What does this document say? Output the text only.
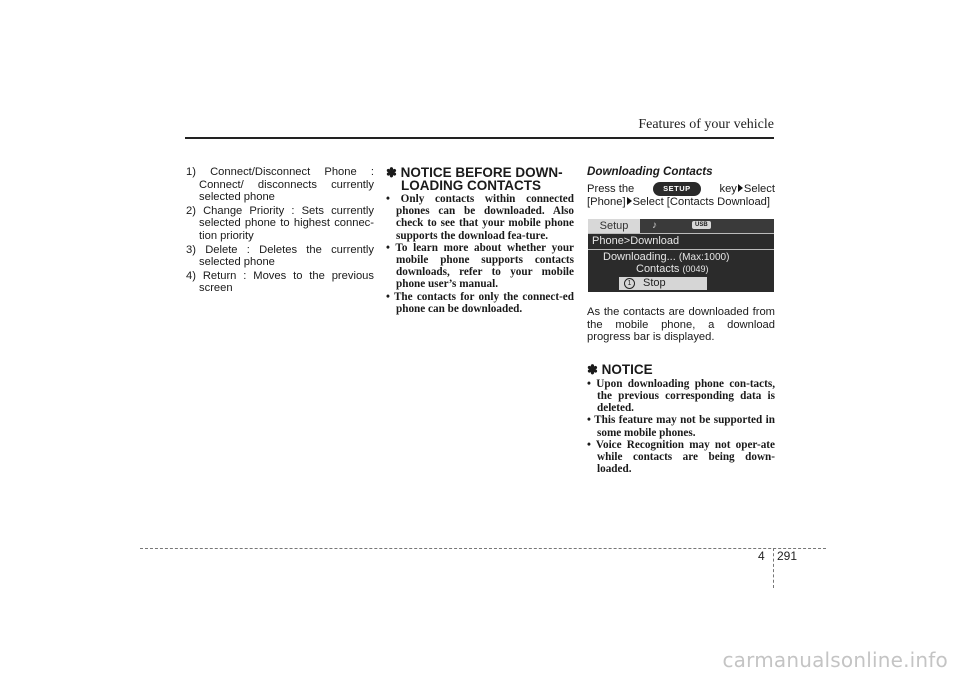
Features of your vehicle
1) Connect/Disconnect Phone : Connect/ disconnects currently selected phone
2) Change Priority : Sets currently selected phone to highest connec-tion priority
3) Delete : Deletes the currently selected phone
4) Return : Moves to the previous screen
✽ NOTICE BEFORE DOWN-
LOADING CONTACTS
• Only contacts within connected phones can be downloaded. Also check to see that your mobile phone supports the download fea-ture.
• To learn more about whether your mobile phone supports contacts downloads, refer to your mobile phone user’s manual.
• The contacts for only the connect-ed phone can be downloaded.
Downloading Contacts

Press the	SETUP	key Select

[Phone] Select [Contacts Download]

Setup	♪	USB
Phone>Download
Downloading... (Max:1000)
Contacts (0049)
1 Stop

As the contacts are downloaded from the mobile phone, a download progress bar is displayed.

✽ NOTICE
• Upon downloading phone con-tacts, the previous corresponding data is deleted.
• This feature may not be supported in some mobile phones.
• Voice Recognition may not oper-ate while contacts are being down-loaded.
4 291
carmanualsonline.info
